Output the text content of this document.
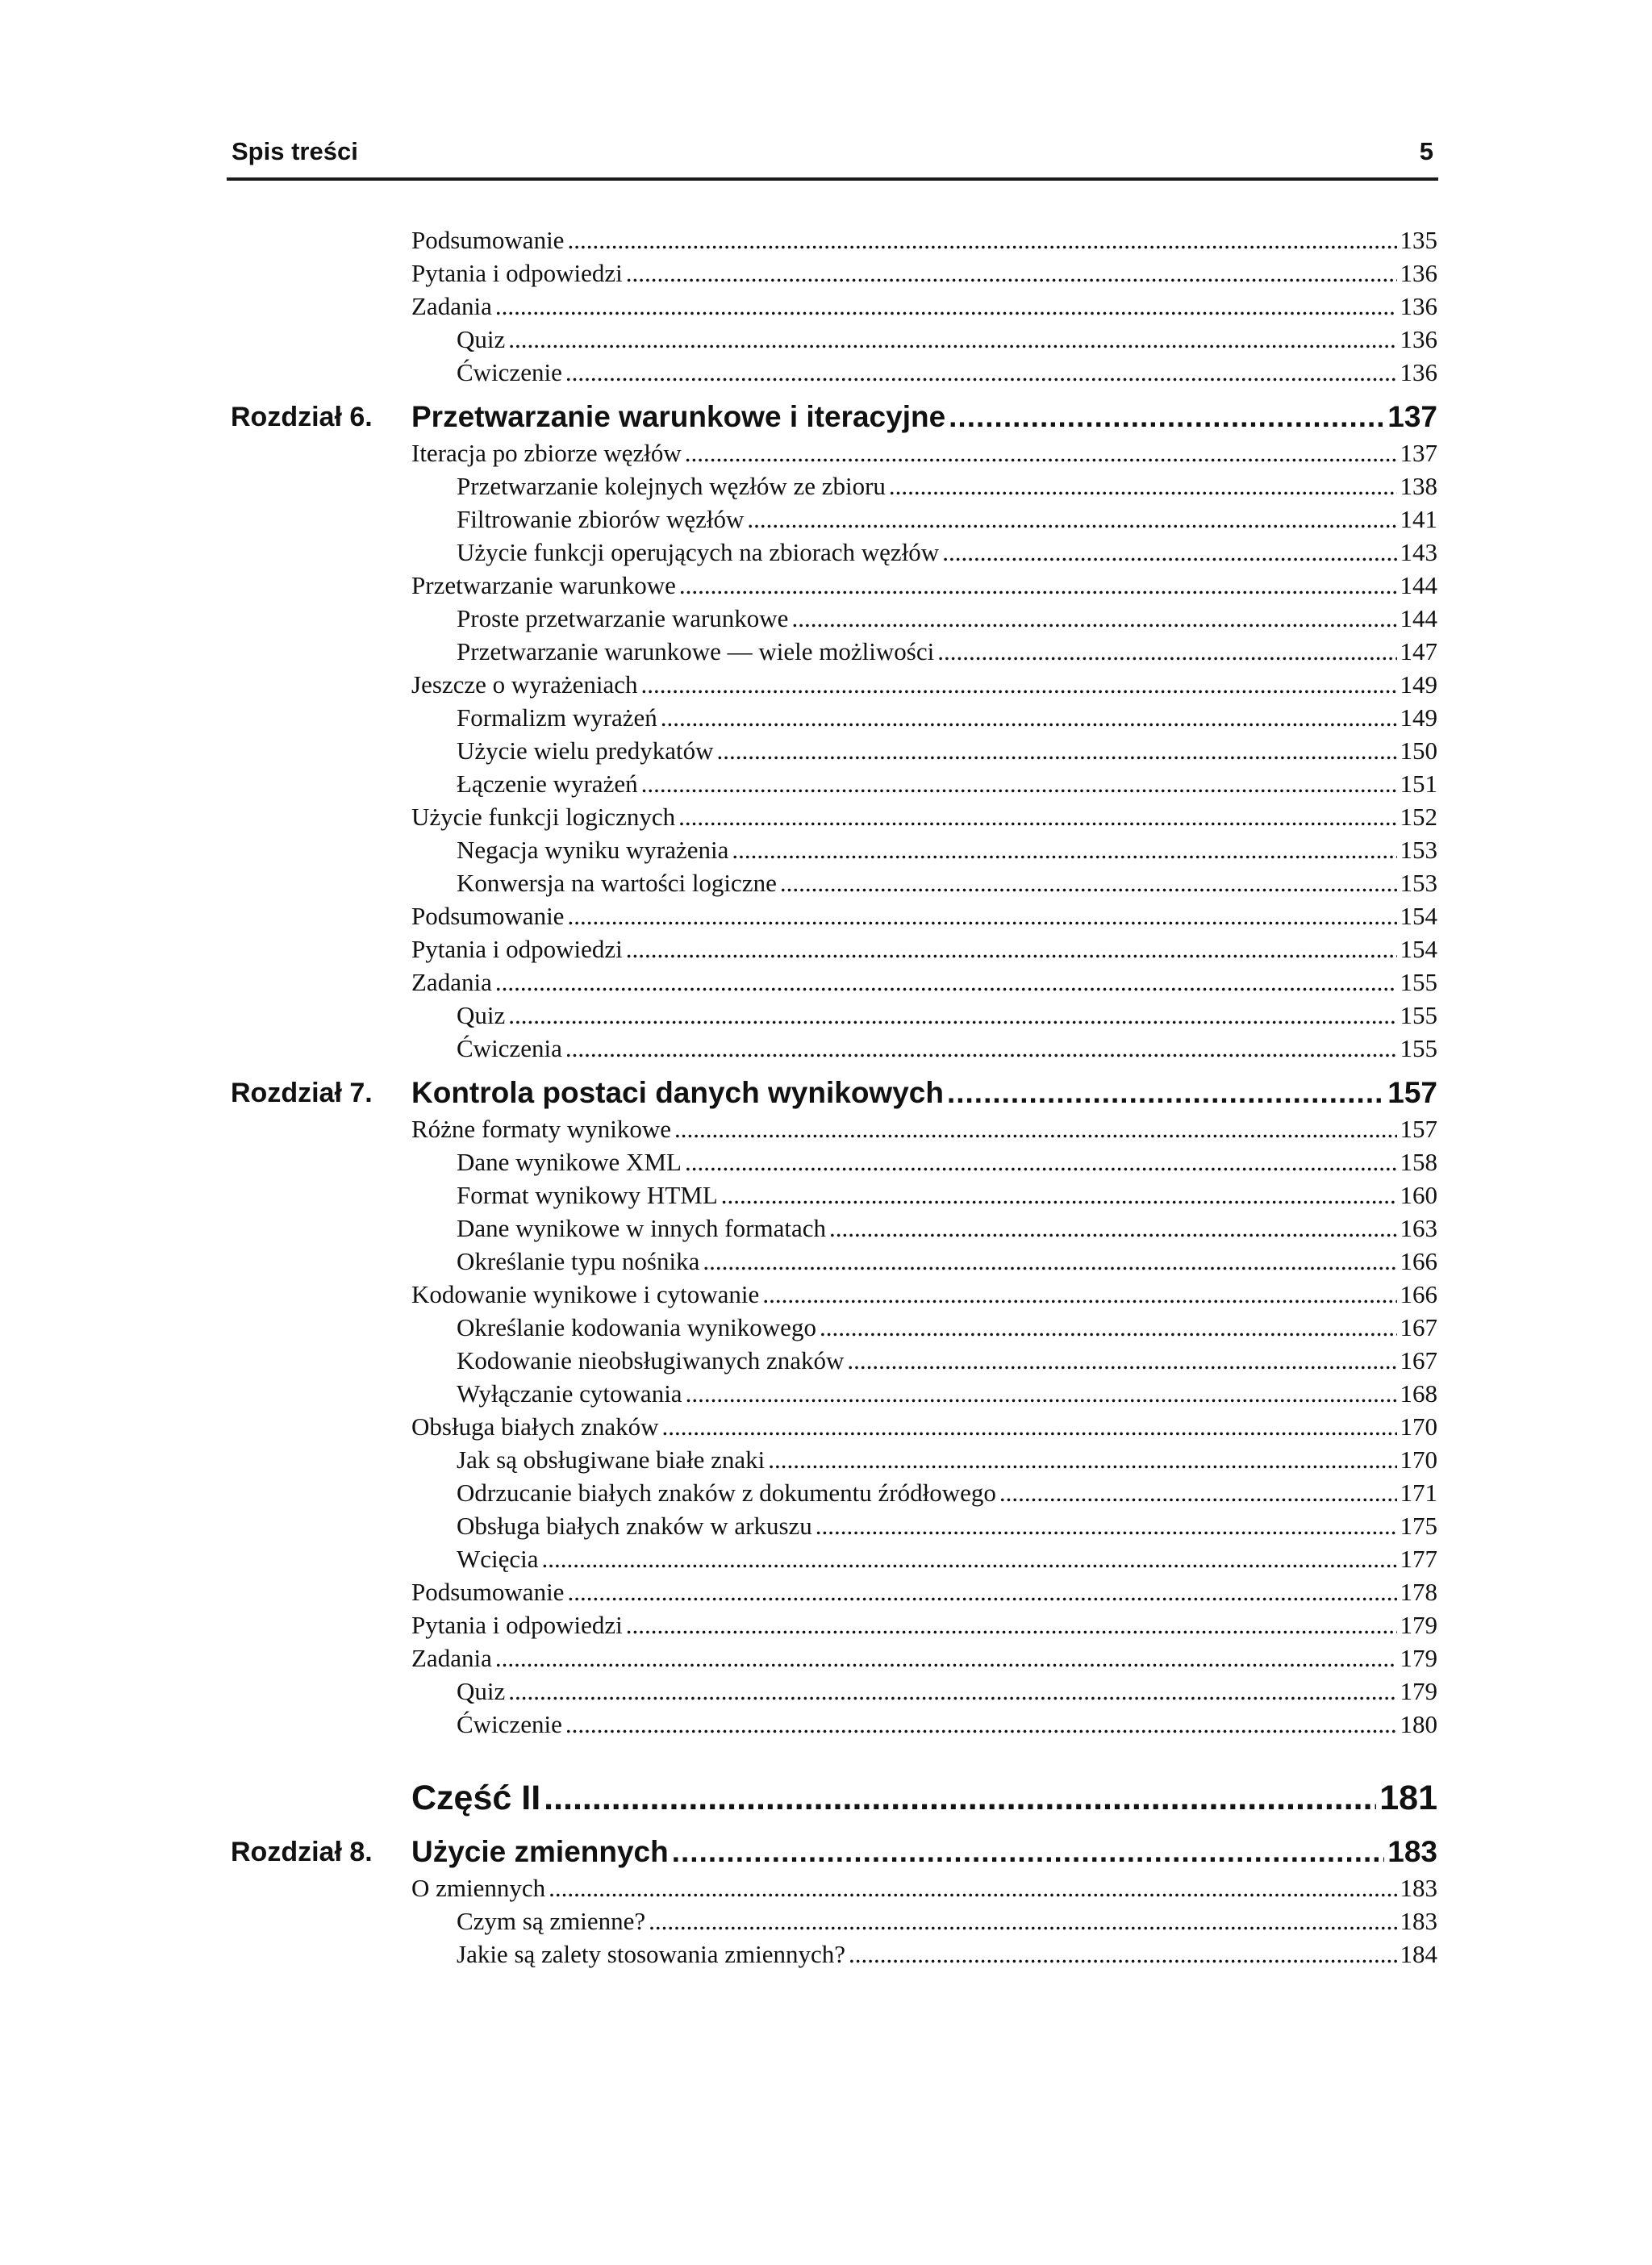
Spis treści	5
Podsumowanie .....	135
Pytania i odpowiedzi .....	136
Zadania .....	136
Quiz .....	136
Ćwiczenie .....	136
Rozdział 6. Przetwarzanie warunkowe i iteracyjne .....	137
Iteracja po zbiorze węzłów .....	137
Przetwarzanie kolejnych węzłów ze zbioru .....	138
Filtrowanie zbiorów węzłów .....	141
Użycie funkcji operujących na zbiorach węzłów .....	143
Przetwarzanie warunkowe .....	144
Proste przetwarzanie warunkowe .....	144
Przetwarzanie warunkowe — wiele możliwości .....	147
Jeszcze o wyrażeniach .....	149
Formalizm wyrażeń .....	149
Użycie wielu predykatów .....	150
Łączenie wyrażeń .....	151
Użycie funkcji logicznych .....	152
Negacja wyniku wyrażenia .....	153
Konwersja na wartości logiczne .....	153
Podsumowanie .....	154
Pytania i odpowiedzi .....	154
Zadania .....	155
Quiz .....	155
Ćwiczenia .....	155
Rozdział 7. Kontrola postaci danych wynikowych .....	157
Różne formaty wynikowe .....	157
Dane wynikowe XML .....	158
Format wynikowy HTML .....	160
Dane wynikowe w innych formatach .....	163
Określanie typu nośnika .....	166
Kodowanie wynikowe i cytowanie .....	166
Określanie kodowania wynikowego .....	167
Kodowanie nieobsługiwanych znaków .....	167
Wyłączanie cytowania .....	168
Obsługa białych znaków .....	170
Jak są obsługiwane białe znaki .....	170
Odrzucanie białych znaków z dokumentu źródłowego .....	171
Obsługa białych znaków w arkuszu .....	175
Wcięcia .....	177
Podsumowanie .....	178
Pytania i odpowiedzi .....	179
Zadania .....	179
Quiz .....	179
Ćwiczenie .....	180
Część II .....	181
Rozdział 8. Użycie zmiennych .....	183
O zmiennych .....	183
Czym są zmienne? .....	183
Jakie są zalety stosowania zmiennych? .....	184
